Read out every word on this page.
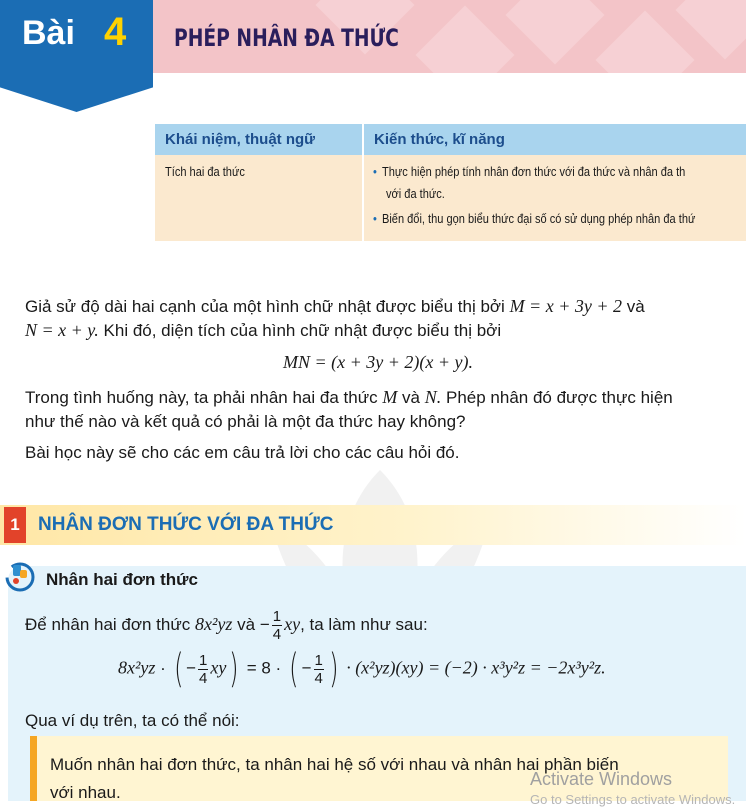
Bài 4 PHÉP NHÂN ĐA THỨC
Khái niệm, thuật ngữ	Kiến thức, kĩ năng
Tích hai đa thức	• Thực hiện phép tính nhân đơn thức với đa thức và nhân đa th
với đa thức.
• Biến đổi, thu gọn biểu thức đại số có sử dụng phép nhân đa thứ
Giả sử độ dài hai cạnh của một hình chữ nhật được biểu thị bởi M = x + 3y + 2 và
N = x + y. Khi đó, diện tích của hình chữ nhật được biểu thị bởi
MN = (x + 3y + 2)(x + y).
Trong tình huống này, ta phải nhân hai đa thức M và N. Phép nhân đó được thực hiện
như thế nào và kết quả có phải là một đa thức hay không?
Bài học này sẽ cho các em câu trả lời cho các câu hỏi đó.
1 NHÂN ĐƠN THỨC VỚI ĐA THỨC
Nhân hai đơn thức
Để nhân hai đơn thức 8x²yz và − $\frac{1}{4}$ xy, ta làm như sau:
8x²yz · ( − $\frac{1}{4} xy) = 8$ · ( − $\frac{1}{4}$ ) · (x²yz)(xy) = (−2) · x³y²z = −2x³y²z.
Qua ví dụ trên, ta có thể nói:
Muốn nhân hai đơn thức, ta nhân hai hệ số với nhau và nhân hai phần biến
với nhau.
Activate Windows
Go to Settings to activate Windows.
